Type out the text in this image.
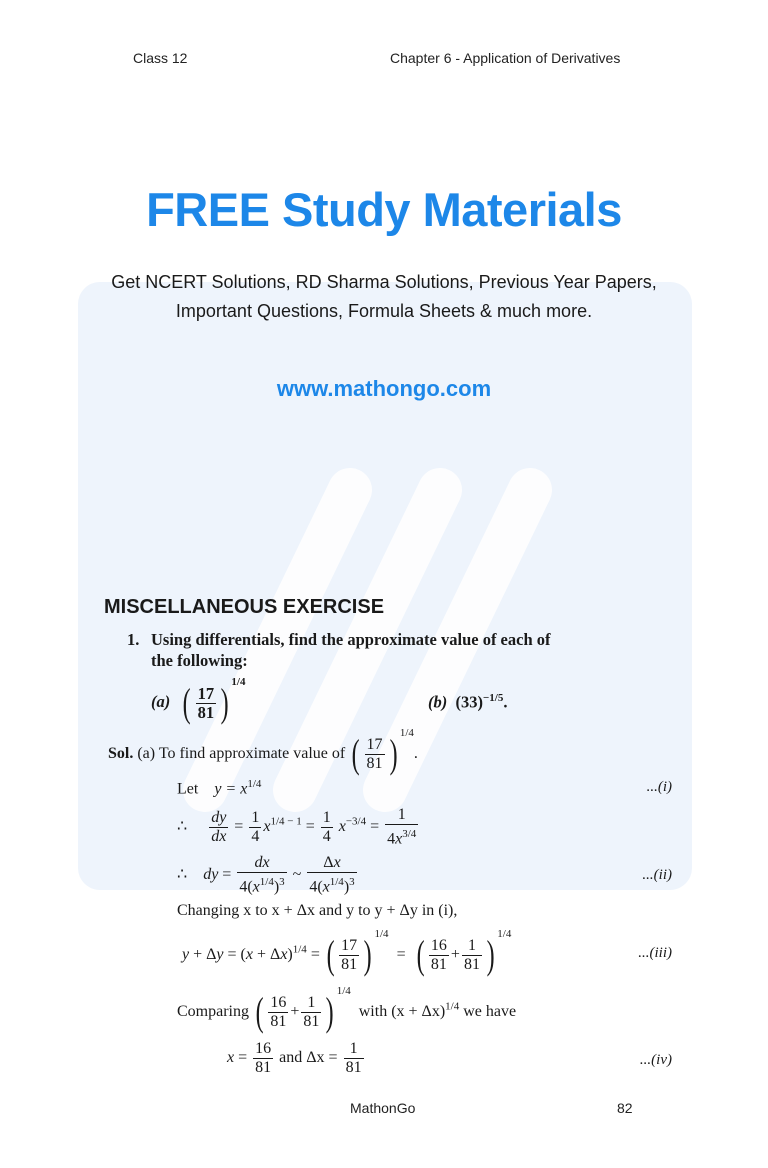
Class 12	Chapter 6 - Application of Derivatives
FREE Study Materials
Get NCERT Solutions, RD Sharma Solutions, Previous Year Papers,
Important Questions, Formula Sheets & much more.
www.mathongo.com
MISCELLANEOUS EXERCISE
1. Using differentials, find the approximate value of each of
the following:
(a) ( $\frac{17}{81}$ ) $^{1/4}$
(b) $(33)^{-1/5}$.
Sol. (a) To find approximate value of ( $\frac{17}{81}$ ) $^{1/4}$.
Let $y = x^{1/4}$	...(i)
∴ $\frac{dy}{dx} = \frac{1}{4} x^{1/4 - 1} = \frac{1}{4} x^{-3/4} = \frac{1}{4x^{3/4}}$
∴    dy = $\frac{dx}{4(x^{1/4})^3}$ ~ $\frac{\Delta x}{4(x^{1/4})^3}$	...(ii)
Changing x to x + Δx and y to y + Δy in (i),
$y + \Delta y = (x + \Delta x)^{1/4}$ = ( $\frac{17}{81}$ ) $^{1/4}$  =  ( $\frac{16}{81} + \frac{1}{81}$ ) $^{1/4}$
...(iii)
Comparing ( $\frac{16}{81} + \frac{1}{81}$ ) $^{1/4}$  with $(x + \Delta x)^{1/4}$ we have
$x = \frac{16}{81}$ and $\Delta x = \frac{1}{81}$	...(iv)
MathonGo	82
